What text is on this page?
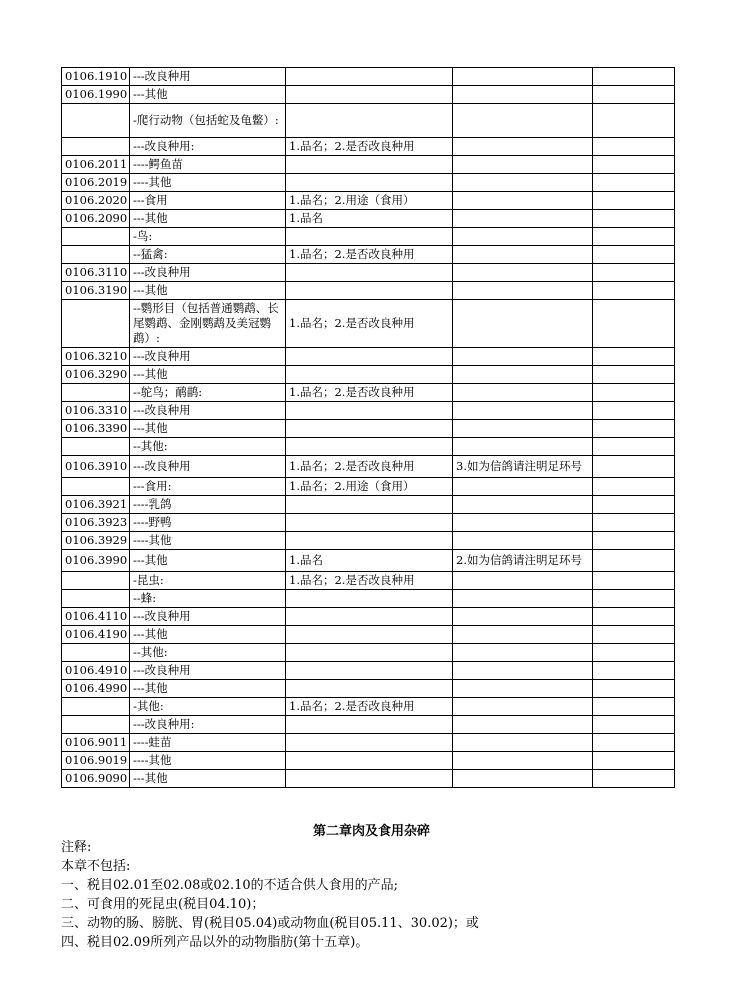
0106.1910	---改良种用			
0106.1990	---其他			
	-爬行动物（包括蛇及龟鳖）:			
	---改良种用:	1.品名；2.是否改良种用		
0106.2011	----鳄鱼苗			
0106.2019	----其他			
0106.2020	---食用	1.品名；2.用途（食用）		
0106.2090	---其他	1.品名		
	-鸟:			
	--猛禽:	1.品名；2.是否改良种用		
0106.3110	---改良种用			
0106.3190	---其他			
	--鹦形目（包括普通鹦鹉、长尾鹦鹉、金刚鹦鹉及美冠鹦鹉）:	1.品名；2.是否改良种用		
0106.3210	---改良种用			
0106.3290	---其他			
	--鸵鸟；鸸鹋:	1.品名；2.是否改良种用		
0106.3310	---改良种用			
0106.3390	---其他			
	--其他:			
0106.3910	---改良种用	1.品名；2.是否改良种用	3.如为信鸽请注明足环号	
	---食用:	1.品名；2.用途（食用）		
0106.3921	----乳鸽			
0106.3923	----野鸭			
0106.3929	----其他			
0106.3990	---其他	1.品名	2.如为信鸽请注明足环号	
	-昆虫:	1.品名；2.是否改良种用		
	--蜂:			
0106.4110	---改良种用			
0106.4190	---其他			
	--其他:			
0106.4910	---改良种用			
0106.4990	---其他			
	-其他:	1.品名；2.是否改良种用		
	---改良种用:			
0106.9011	----蛙苗			
0106.9019	----其他			
0106.9090	---其他			
第二章肉及食用杂碎
注释:
本章不包括:
一、税目02.01至02.08或02.10的不适合供人食用的产品;
二、可食用的死昆虫(税目04.10)；
三、动物的肠、膀胱、胃(税目05.04)或动物血(税目05.11、30.02)；或
四、税目02.09所列产品以外的动物脂肪(第十五章)。
